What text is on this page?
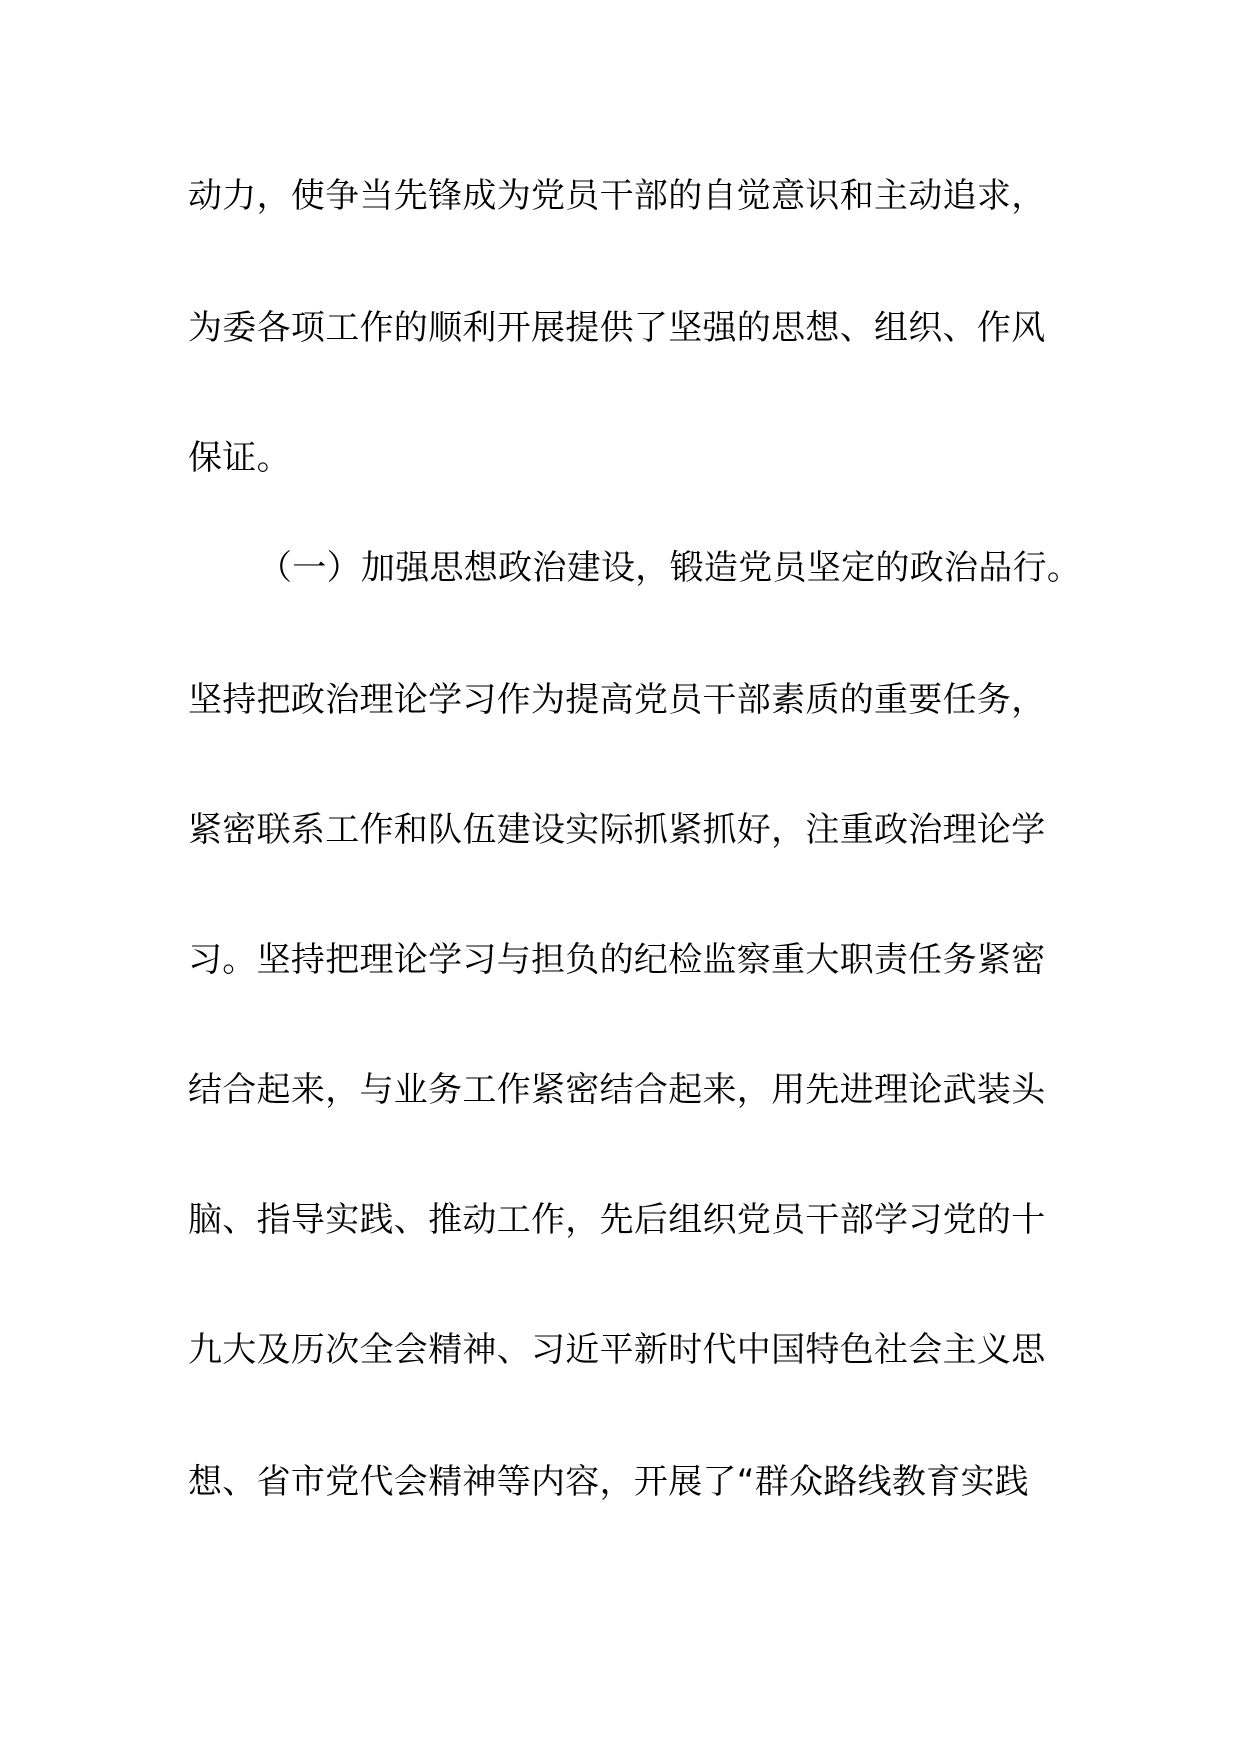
动力，使争当先锋成为党员干部的自觉意识和主动追求，
为委各项工作的顺利开展提供了坚强的思想、组织、作风
保证。
（一）加强思想政治建设，锻造党员坚定的政治品行。
坚持把政治理论学习作为提高党员干部素质的重要任务，
紧密联系工作和队伍建设实际抓紧抓好，注重政治理论学
习。坚持把理论学习与担负的纪检监察重大职责任务紧密
结合起来，与业务工作紧密结合起来，用先进理论武装头
脑、指导实践、推动工作，先后组织党员干部学习党的十
九大及历次全会精神、习近平新时代中国特色社会主义思
想、省市党代会精神等内容，开展了“群众路线教育实践
